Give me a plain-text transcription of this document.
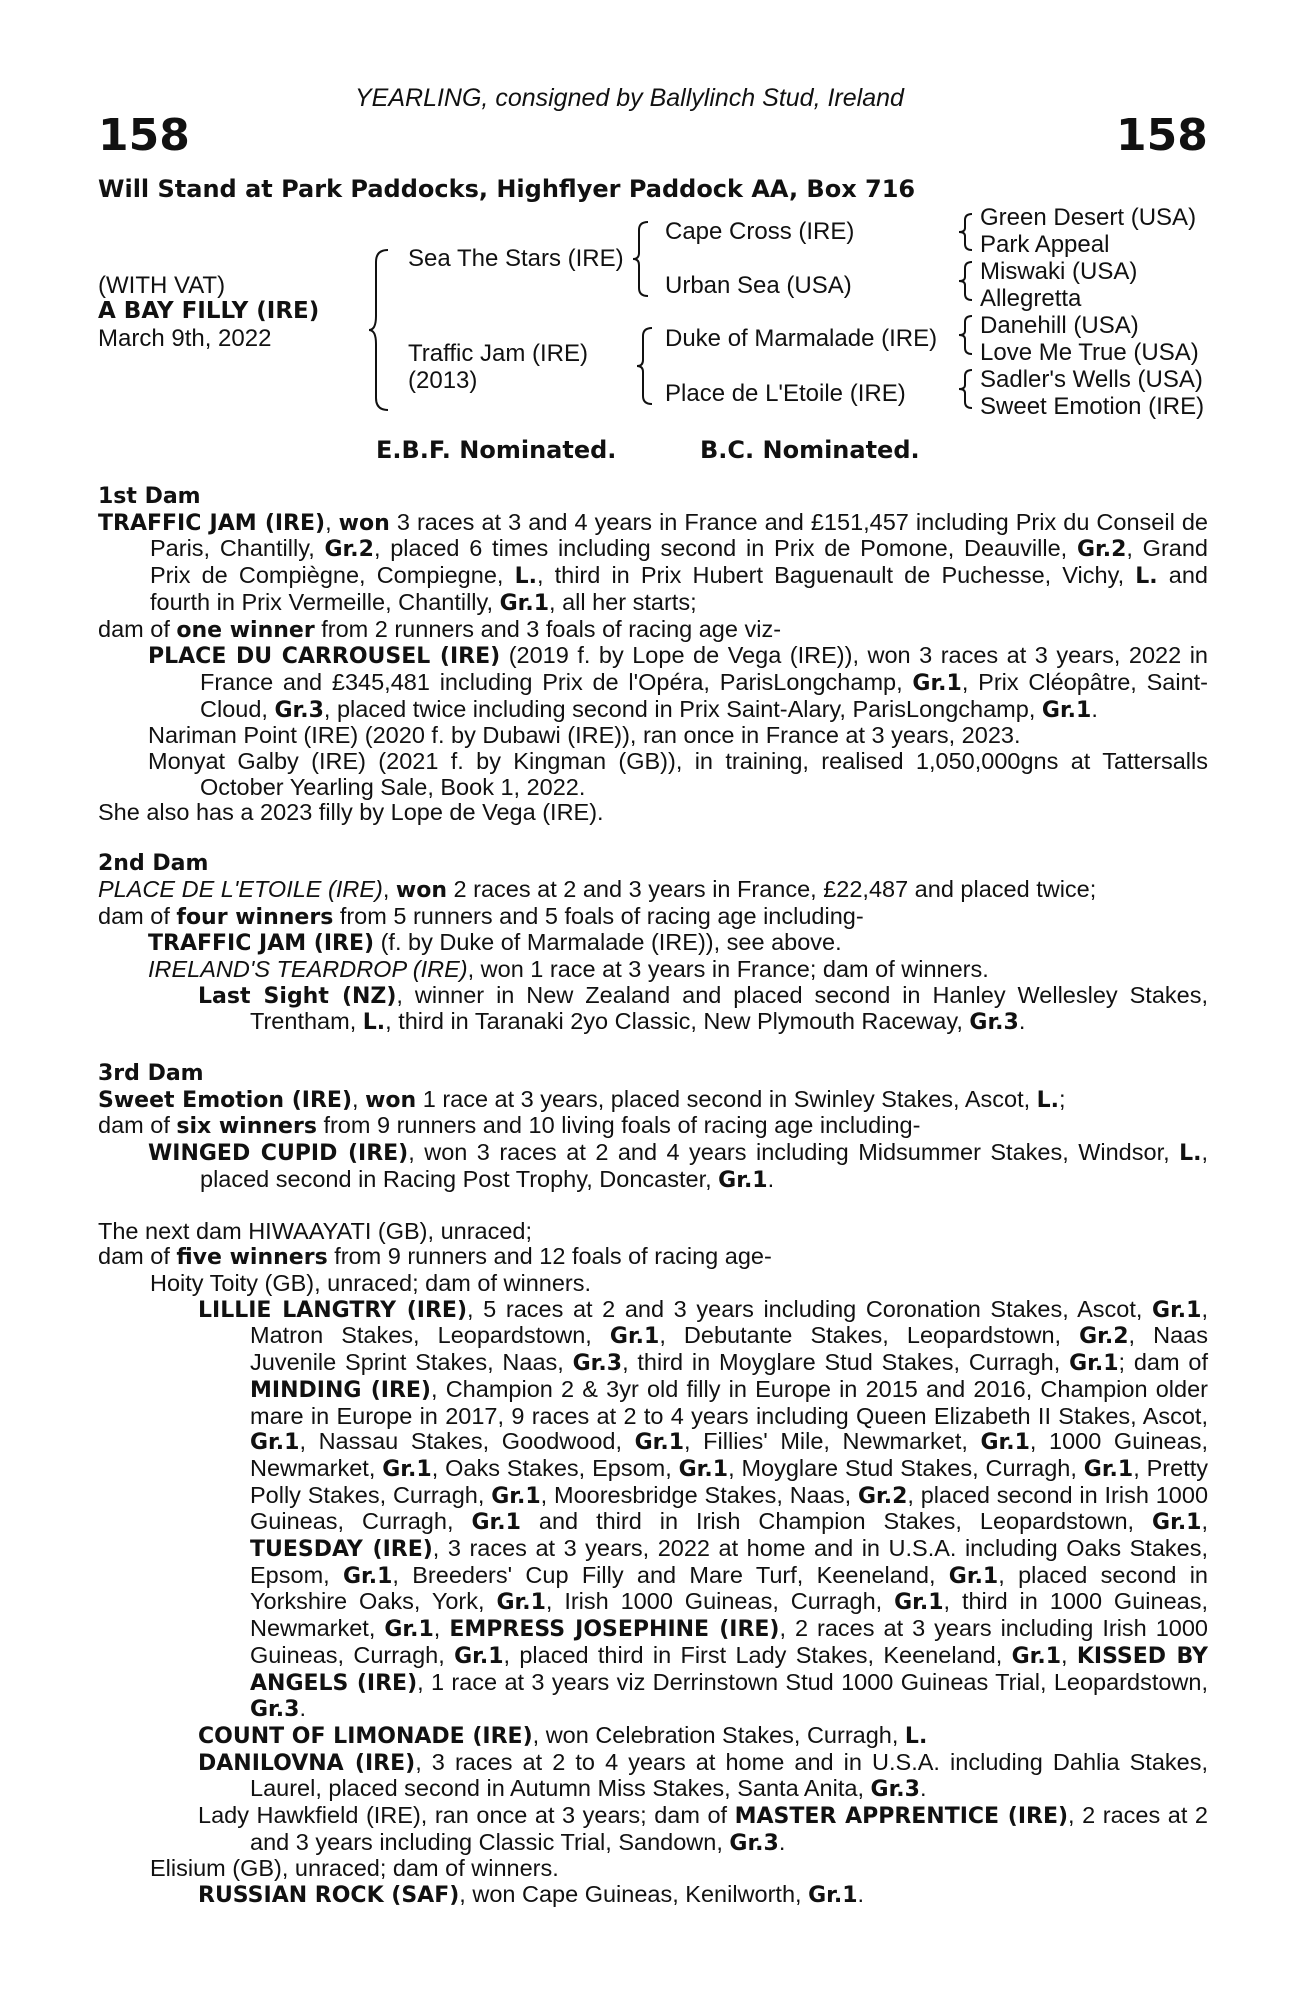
YEARLING, consigned by Ballylinch Stud, Ireland
158	158
Will Stand at Park Paddocks, Highflyer Paddock AA, Box 716
(WITH VAT)
A BAY FILLY (IRE)
March 9th, 2022
Sea The Stars (IRE)
Traffic Jam (IRE)
(2013)
Cape Cross (IRE)
Urban Sea (USA)
Duke of Marmalade (IRE)
Place de L'Etoile (IRE)
Green Desert (USA)
Park Appeal
Miswaki (USA)
Allegretta
Danehill (USA)
Love Me True (USA)
Sadler's Wells (USA)
Sweet Emotion (IRE)
E.B.F. Nominated.	B.C. Nominated.

1st Dam

TRAFFIC JAM (IRE), won 3 races at 3 and 4 years in France and £151,457 including Prix du Conseil de Paris, Chantilly, Gr.2, placed 6 times including second in Prix de Pomone, Deauville, Gr.2, Grand Prix de Compiègne, Compiegne, L., third in Prix Hubert Baguenault de Puchesse, Vichy, L. and fourth in Prix Vermeille, Chantilly, Gr.1, all her starts;

dam of one winner from 2 runners and 3 foals of racing age viz-

PLACE DU CARROUSEL (IRE) (2019 f. by Lope de Vega (IRE)), won 3 races at 3 years, 2022 in France and £345,481 including Prix de l'Opéra, ParisLongchamp, Gr.1, Prix Cléopâtre, Saint-Cloud, Gr.3, placed twice including second in Prix Saint-Alary, ParisLongchamp, Gr.1.

Nariman Point (IRE) (2020 f. by Dubawi (IRE)), ran once in France at 3 years, 2023.

Monyat Galby (IRE) (2021 f. by Kingman (GB)), in training, realised 1,050,000gns at Tattersalls October Yearling Sale, Book 1, 2022.

She also has a 2023 filly by Lope de Vega (IRE).

2nd Dam

PLACE DE L'ETOILE (IRE), won 2 races at 2 and 3 years in France, £22,487 and placed twice;

dam of four winners from 5 runners and 5 foals of racing age including-

TRAFFIC JAM (IRE) (f. by Duke of Marmalade (IRE)), see above.

IRELAND'S TEARDROP (IRE), won 1 race at 3 years in France; dam of winners.

Last Sight (NZ), winner in New Zealand and placed second in Hanley Wellesley Stakes, Trentham, L., third in Taranaki 2yo Classic, New Plymouth Raceway, Gr.3.

3rd Dam

Sweet Emotion (IRE), won 1 race at 3 years, placed second in Swinley Stakes, Ascot, L.;

dam of six winners from 9 runners and 10 living foals of racing age including-

WINGED CUPID (IRE), won 3 races at 2 and 4 years including Midsummer Stakes, Windsor, L., placed second in Racing Post Trophy, Doncaster, Gr.1.

The next dam HIWAAYATI (GB), unraced;

dam of five winners from 9 runners and 12 foals of racing age-

Hoity Toity (GB), unraced; dam of winners.

LILLIE LANGTRY (IRE), 5 races at 2 and 3 years including Coronation Stakes, Ascot, Gr.1, Matron Stakes, Leopardstown, Gr.1, Debutante Stakes, Leopardstown, Gr.2, Naas Juvenile Sprint Stakes, Naas, Gr.3, third in Moyglare Stud Stakes, Curragh, Gr.1; dam of MINDING (IRE), Champion 2 & 3yr old filly in Europe in 2015 and 2016, Champion older mare in Europe in 2017, 9 races at 2 to 4 years including Queen Elizabeth II Stakes, Ascot, Gr.1, Nassau Stakes, Goodwood, Gr.1, Fillies' Mile, Newmarket, Gr.1, 1000 Guineas, Newmarket, Gr.1, Oaks Stakes, Epsom, Gr.1, Moyglare Stud Stakes, Curragh, Gr.1, Pretty Polly Stakes, Curragh, Gr.1, Mooresbridge Stakes, Naas, Gr.2, placed second in Irish 1000 Guineas, Curragh, Gr.1 and third in Irish Champion Stakes, Leopardstown, Gr.1, TUESDAY (IRE), 3 races at 3 years, 2022 at home and in U.S.A. including Oaks Stakes, Epsom, Gr.1, Breeders' Cup Filly and Mare Turf, Keeneland, Gr.1, placed second in Yorkshire Oaks, York, Gr.1, Irish 1000 Guineas, Curragh, Gr.1, third in 1000 Guineas, Newmarket, Gr.1, EMPRESS JOSEPHINE (IRE), 2 races at 3 years including Irish 1000 Guineas, Curragh, Gr.1, placed third in First Lady Stakes, Keeneland, Gr.1, KISSED BY ANGELS (IRE), 1 race at 3 years viz Derrinstown Stud 1000 Guineas Trial, Leopardstown, Gr.3.

COUNT OF LIMONADE (IRE), won Celebration Stakes, Curragh, L.

DANILOVNA (IRE), 3 races at 2 to 4 years at home and in U.S.A. including Dahlia Stakes, Laurel, placed second in Autumn Miss Stakes, Santa Anita, Gr.3.

Lady Hawkfield (IRE), ran once at 3 years; dam of MASTER APPRENTICE (IRE), 2 races at 2 and 3 years including Classic Trial, Sandown, Gr.3.

Elisium (GB), unraced; dam of winners.

RUSSIAN ROCK (SAF), won Cape Guineas, Kenilworth, Gr.1.
